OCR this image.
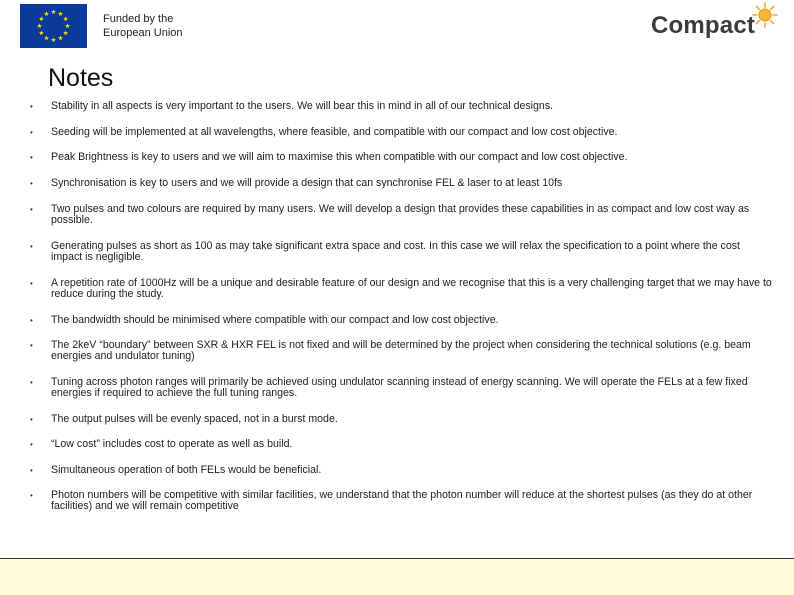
Funded by the
European Union	Compact
Notes
• Stability in all aspects is very important to the users. We will bear this in mind in all of our technical designs.
• Seeding will be implemented at all wavelengths, where feasible, and compatible with our compact and low cost objective.
• Peak Brightness is key to users and we will aim to maximise this when compatible with our compact and low cost objective.
• Synchronisation is key to users and we will provide a design that can synchronise FEL & laser to at least 10fs
• Two pulses and two colours are required by many users. We will develop a design that provides these capabilities in as compact and low cost way as possible.
• Generating pulses as short as 100 as may take significant extra space and cost. In this case we will relax the specification to a point where the cost impact is negligible.
• A repetition rate of 1000Hz will be a unique and desirable feature of our design and we recognise that this is a very challenging target that we may have to reduce during the study.
• The bandwidth should be minimised where compatible with our compact and low cost objective.
• The 2keV “boundary” between SXR & HXR FEL is not fixed and will be determined by the project when considering the technical solutions (e.g. beam energies and undulator tuning)
• Tuning across photon ranges will primarily be achieved using undulator scanning instead of energy scanning. We will operate the FELs at a few fixed energies if required to achieve the full tuning ranges.
• The output pulses will be evenly spaced, not in a burst mode.
• “Low cost” includes cost to operate as well as build.
• Simultaneous operation of both FELs would be beneficial.
• Photon numbers will be competitive with similar facilities, we understand that the photon number will reduce at the shortest pulses (as they do at other facilities) and we will remain competitive
